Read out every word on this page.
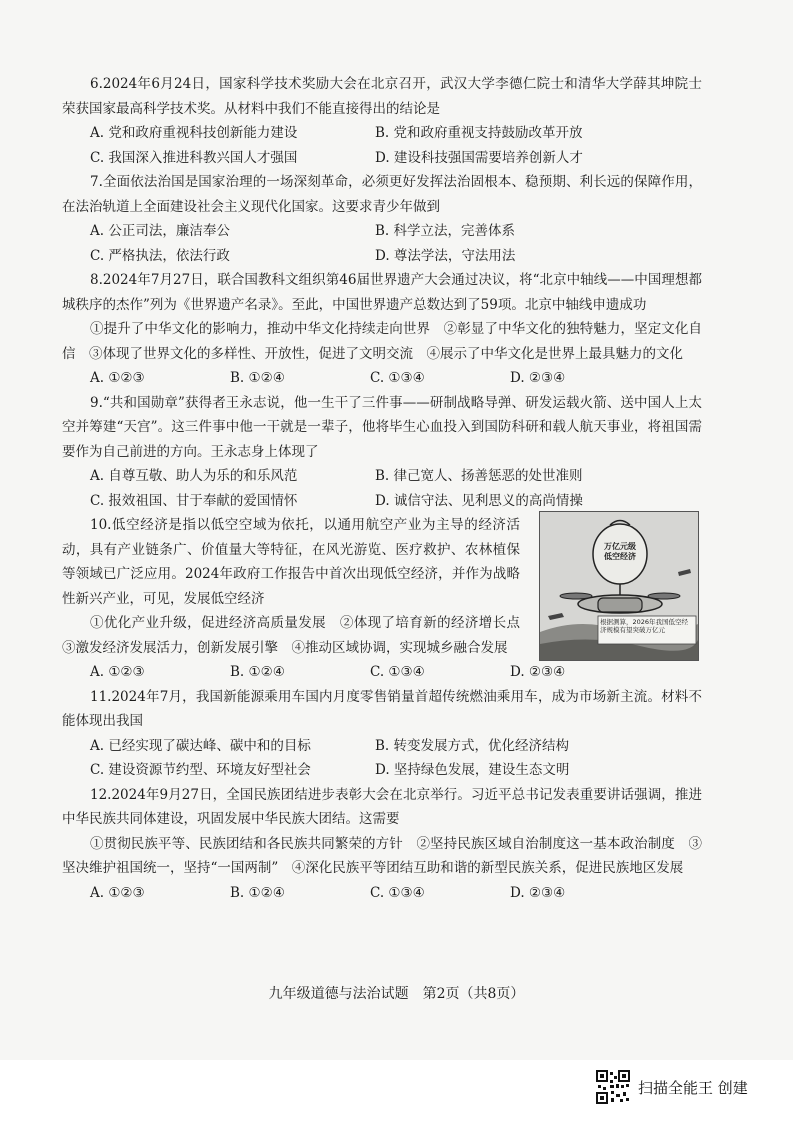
6.2024年6月24日，国家科学技术奖励大会在北京召开，武汉大学李德仁院士和清华大学薛其坤院士荣获国家最高科学技术奖。从材料中我们不能直接得出的结论是

A. 党和政府重视科技创新能力建设	B. 党和政府重视支持鼓励改革开放
C. 我国深入推进科教兴国人才强国	D. 建设科技强国需要培养创新人才

7.全面依法治国是国家治理的一场深刻革命，必须更好发挥法治固根本、稳预期、利长远的保障作用，在法治轨道上全面建设社会主义现代化国家。这要求青少年做到

A. 公正司法，廉洁奉公	B. 科学立法，完善体系
C. 严格执法，依法行政	D. 尊法学法，守法用法

8.2024年7月27日，联合国教科文组织第46届世界遗产大会通过决议，将“北京中轴线——中国理想都城秩序的杰作”列为《世界遗产名录》。至此，中国世界遗产总数达到了59项。北京中轴线申遗成功

①提升了中华文化的影响力，推动中华文化持续走向世界　②彰显了中华文化的独特魅力，坚定文化自信　③体现了世界文化的多样性、开放性，促进了文明交流　④展示了中华文化是世界上最具魅力的文化

A. ①②③	B. ①②④	C. ①③④	D. ②③④

9.“共和国勋章”获得者王永志说，他一生干了三件事——研制战略导弹、研发运载火箭、送中国人上太空并筹建“天宫”。这三件事中他一干就是一辈子，他将毕生心血投入到国防科研和载人航天事业，将祖国需要作为自己前进的方向。王永志身上体现了

A. 自尊互敬、助人为乐的和乐风范	B. 律己宽人、扬善惩恶的处世准则
C. 报效祖国、甘于奉献的爱国情怀	D. 诚信守法、见利思义的高尚情操

10.低空经济是指以低空空域为依托，以通用航空产业为主导的经济活动，具有产业链条广、价值量大等特征，在风光游览、医疗救护、农林植保等领域已广泛应用。2024年政府工作报告中首次出现低空经济，并作为战略性新兴产业，可见，发展低空经济

①优化产业升级，促进经济高质量发展　②体现了培育新的经济增长点　③激发经济发展活力，创新发展引擎　④推动区域协调，实现城乡融合发展

万亿元级低空经济
根据测算，2026年我国低空经济规模有望突破万亿元
A. ①②③	B. ①②④	C. ①③④	D. ②③④

11.2024年7月，我国新能源乘用车国内月度零售销量首超传统燃油乘用车，成为市场新主流。材料不能体现出我国

A. 已经实现了碳达峰、碳中和的目标	B. 转变发展方式，优化经济结构
C. 建设资源节约型、环境友好型社会	D. 坚持绿色发展，建设生态文明

12.2024年9月27日，全国民族团结进步表彰大会在北京举行。习近平总书记发表重要讲话强调，推进中华民族共同体建设，巩固发展中华民族大团结。这需要

①贯彻民族平等、民族团结和各民族共同繁荣的方针　②坚持民族区域自治制度这一基本政治制度　③坚决维护祖国统一，坚持“一国两制”　④深化民族平等团结互助和谐的新型民族关系，促进民族地区发展

A. ①②③	B. ①②④	C. ①③④	D. ②③④
九年级道德与法治试题　第2页（共8页）
扫描全能王 创建
